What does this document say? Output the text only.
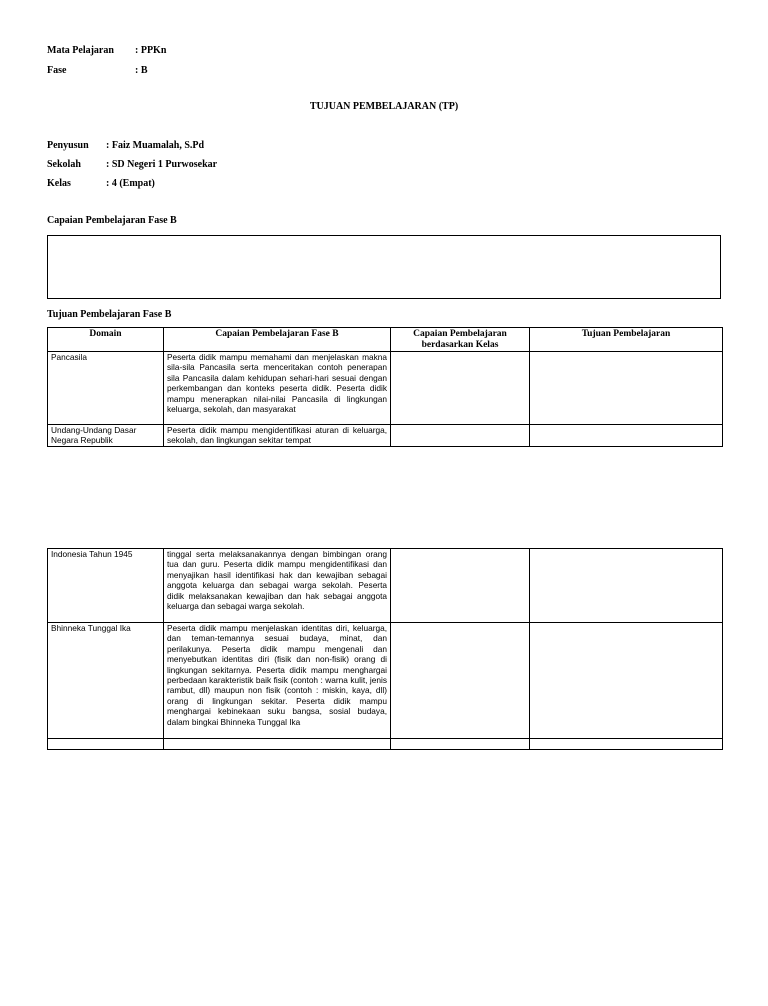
Mata Pelajaran : PPKn
Fase	: B
TUJUAN PEMBELAJARAN (TP)
Penyusun : Faiz Muamalah, S.Pd
Sekolah	: SD Negeri 1 Purwosekar
Kelas	: 4 (Empat)
Capaian Pembelajaran Fase B
Tujuan Pembelajaran Fase B
Domain	Capaian Pembelajaran Fase B	Capaian Pembelajaran berdasarkan Kelas	Tujuan Pembelajaran
Pancasila	Peserta didik mampu memahami dan menjelaskan makna sila-sila Pancasila serta menceritakan contoh penerapan sila Pancasila dalam kehidupan sehari-hari sesuai dengan perkembangan dan konteks peserta didik. Peserta didik mampu menerapkan nilai-nilai Pancasila di lingkungan keluarga, sekolah, dan masyarakat		
Undang-Undang Dasar Negara Republik	Peserta didik mampu mengidentifikasi aturan di keluarga, sekolah, dan lingkungan sekitar tempat		
Indonesia Tahun 1945	tinggal serta melaksanakannya dengan bimbingan orang tua dan guru. Peserta didik mampu mengidentifikasi dan menyajikan hasil identifikasi hak dan kewajiban sebagai anggota keluarga dan sebagai warga sekolah. Peserta didik melaksanakan kewajiban dan hak sebagai anggota keluarga dan sebagai warga sekolah.		
Bhinneka Tunggal Ika	Peserta didik mampu menjelaskan identitas diri, keluarga, dan teman-temannya sesuai budaya, minat, dan perilakunya. Peserta didik mampu mengenali dan menyebutkan identitas diri (fisik dan non-fisik) orang di lingkungan sekitarnya. Peserta didik mampu menghargai perbedaan karakteristik baik fisik (contoh : warna kulit, jenis rambut, dll) maupun non fisik (contoh : miskin, kaya, dll) orang di lingkungan sekitar. Peserta didik mampu menghargai kebinekaan suku bangsa, sosial budaya, dalam bingkai Bhinneka Tunggal Ika		
